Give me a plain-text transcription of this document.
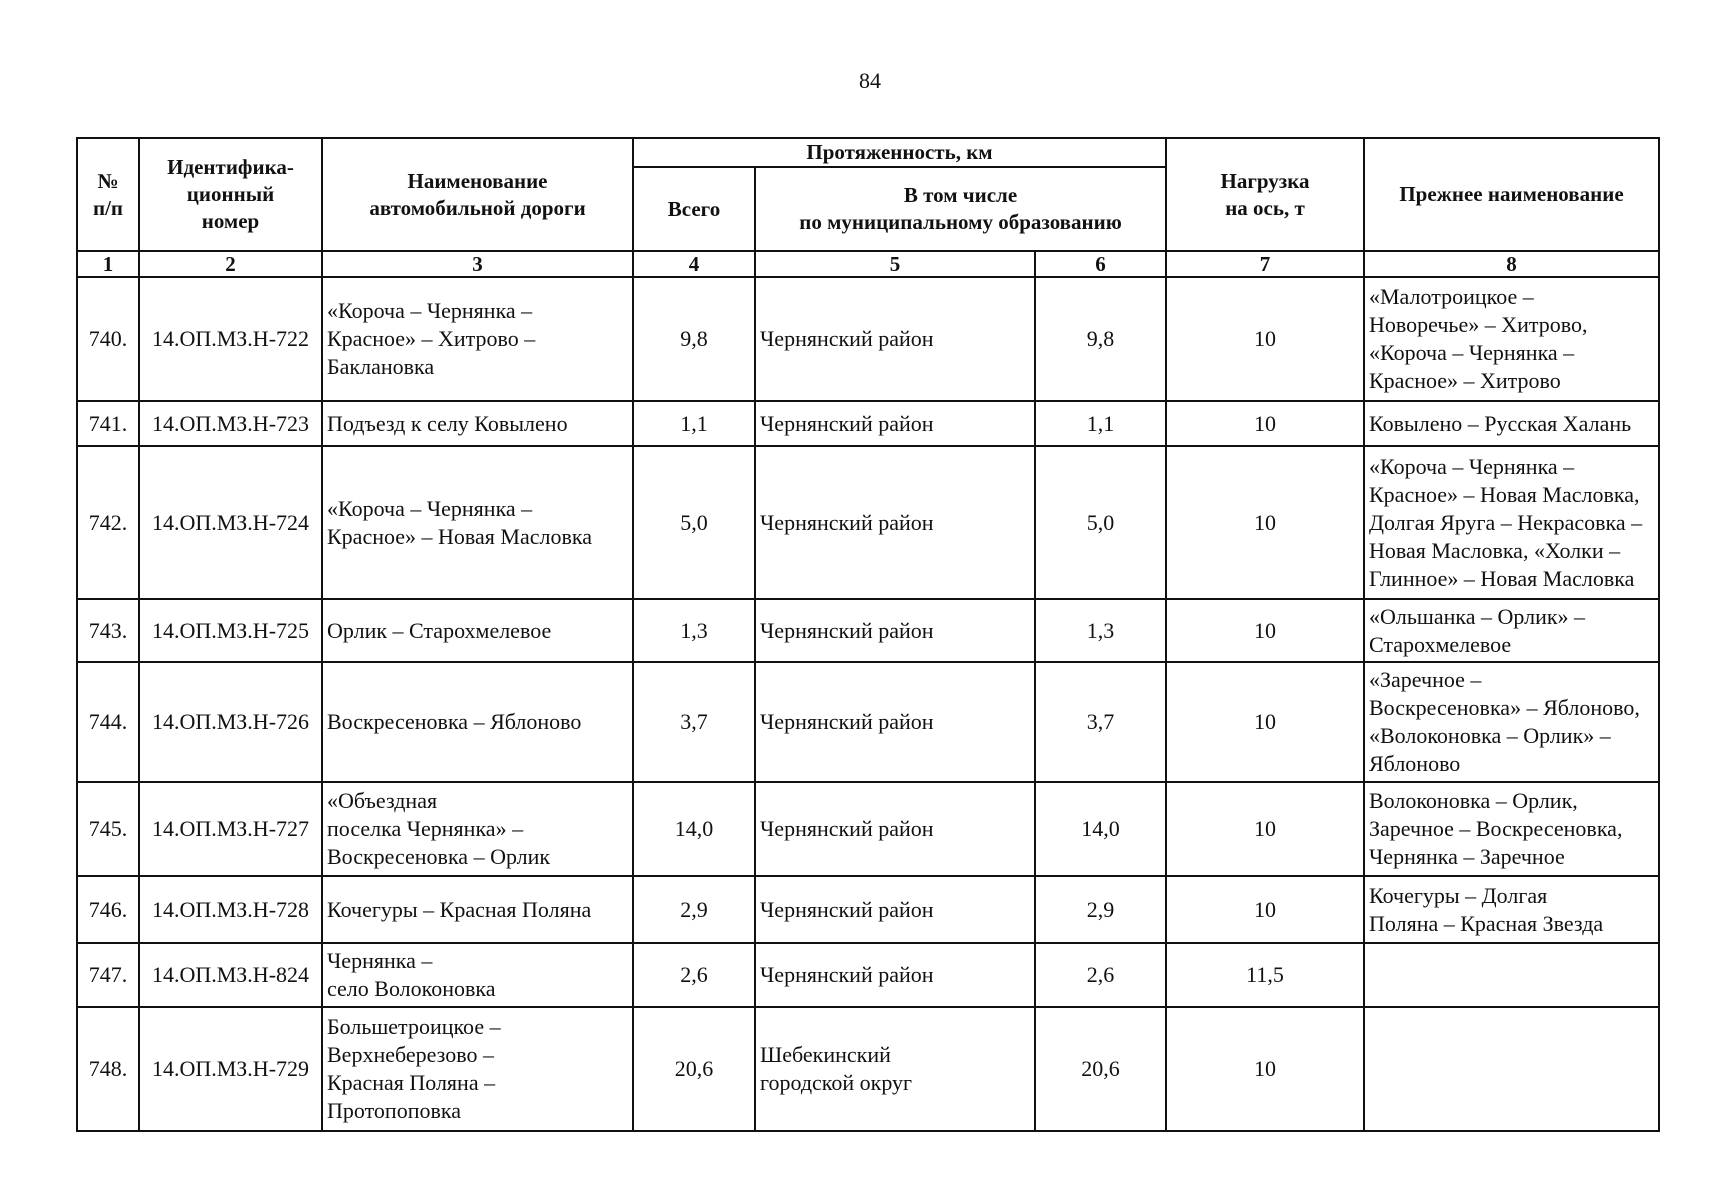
84
№
п/п	Идентифика-
ционный
номер	Наименование
автомобильной дороги	Протяженность, км			Нагрузка
на ось, т	Прежнее наименование
			Всего	В том числе
по муниципальному образованию			
1	2	3	4	5	6	7	8
740.	14.ОП.МЗ.Н-722	«Короча – Чернянка –
Красное» – Хитрово –
Баклановка	9,8	Чернянский район	9,8	10	«Малотроицкое –
Новоречье» – Хитрово,
«Короча – Чернянка –
Красное» – Хитрово
741.	14.ОП.МЗ.Н-723	Подъезд к селу Ковылено	1,1	Чернянский район	1,1	10	Ковылено – Русская Халань
742.	14.ОП.МЗ.Н-724	«Короча – Чернянка –
Красное» – Новая Масловка	5,0	Чернянский район	5,0	10	«Короча – Чернянка –
Красное» – Новая Масловка,
Долгая Яруга – Некрасовка –
Новая Масловка, «Холки –
Глинное» – Новая Масловка
743.	14.ОП.МЗ.Н-725	Орлик – Старохмелевое	1,3	Чернянский район	1,3	10	«Ольшанка – Орлик» –
Старохмелевое
744.	14.ОП.МЗ.Н-726	Воскресеновка – Яблоново	3,7	Чернянский район	3,7	10	«Заречное –
Воскресеновка» – Яблоново,
«Волоконовка – Орлик» –
Яблоново
745.	14.ОП.МЗ.Н-727	«Объездная
поселка Чернянка» –
Воскресеновка – Орлик	14,0	Чернянский район	14,0	10	Волоконовка – Орлик,
Заречное – Воскресеновка,
Чернянка – Заречное
746.	14.ОП.МЗ.Н-728	Кочегуры – Красная Поляна	2,9	Чернянский район	2,9	10	Кочегуры – Долгая
Поляна – Красная Звезда
747.	14.ОП.МЗ.Н-824	Чернянка –
село Волоконовка	2,6	Чернянский район	2,6	11,5	
748.	14.ОП.МЗ.Н-729	Большетроицкое –
Верхнеберезово –
Красная Поляна –
Протопоповка	20,6	Шебекинский
городской округ	20,6	10	
